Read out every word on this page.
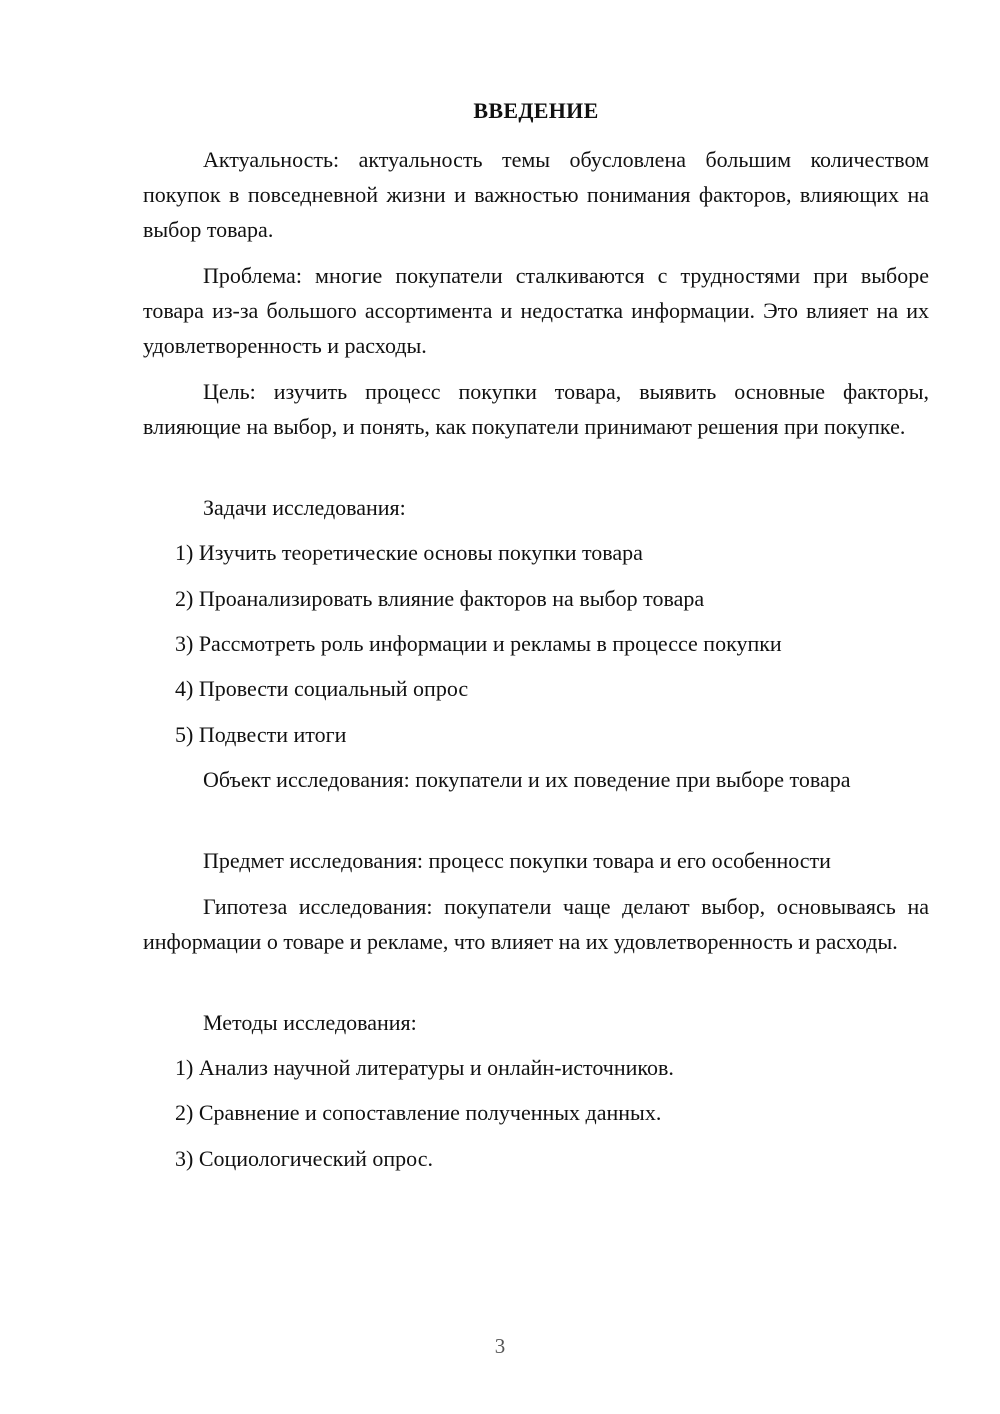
ВВЕДЕНИЕ
Актуальность: актуальность темы обусловлена большим количеством покупок в повседневной жизни и важностью понимания факторов, влияющих на выбор товара.
Проблема: многие покупатели сталкиваются с трудностями при выборе товара из-за большого ассортимента и недостатка информации. Это влияет на их удовлетворенность и расходы.
Цель: изучить процесс покупки товара, выявить основные факторы, влияющие на выбор, и понять, как покупатели принимают решения при покупке.
Задачи исследования:
1) Изучить теоретические основы покупки товара
2) Проанализировать влияние факторов на выбор товара
3) Рассмотреть роль информации и рекламы в процессе покупки
4) Провести социальный опрос
5) Подвести итоги
Объект исследования: покупатели и их поведение при выборе товара
Предмет исследования: процесс покупки товара и его особенности
Гипотеза исследования: покупатели чаще делают выбор, основываясь на информации о товаре и рекламе, что влияет на их удовлетворенность и расходы.
Методы исследования:
1) Анализ научной литературы и онлайн-источников.
2) Сравнение и сопоставление полученных данных.
3) Социологический опрос.
3
